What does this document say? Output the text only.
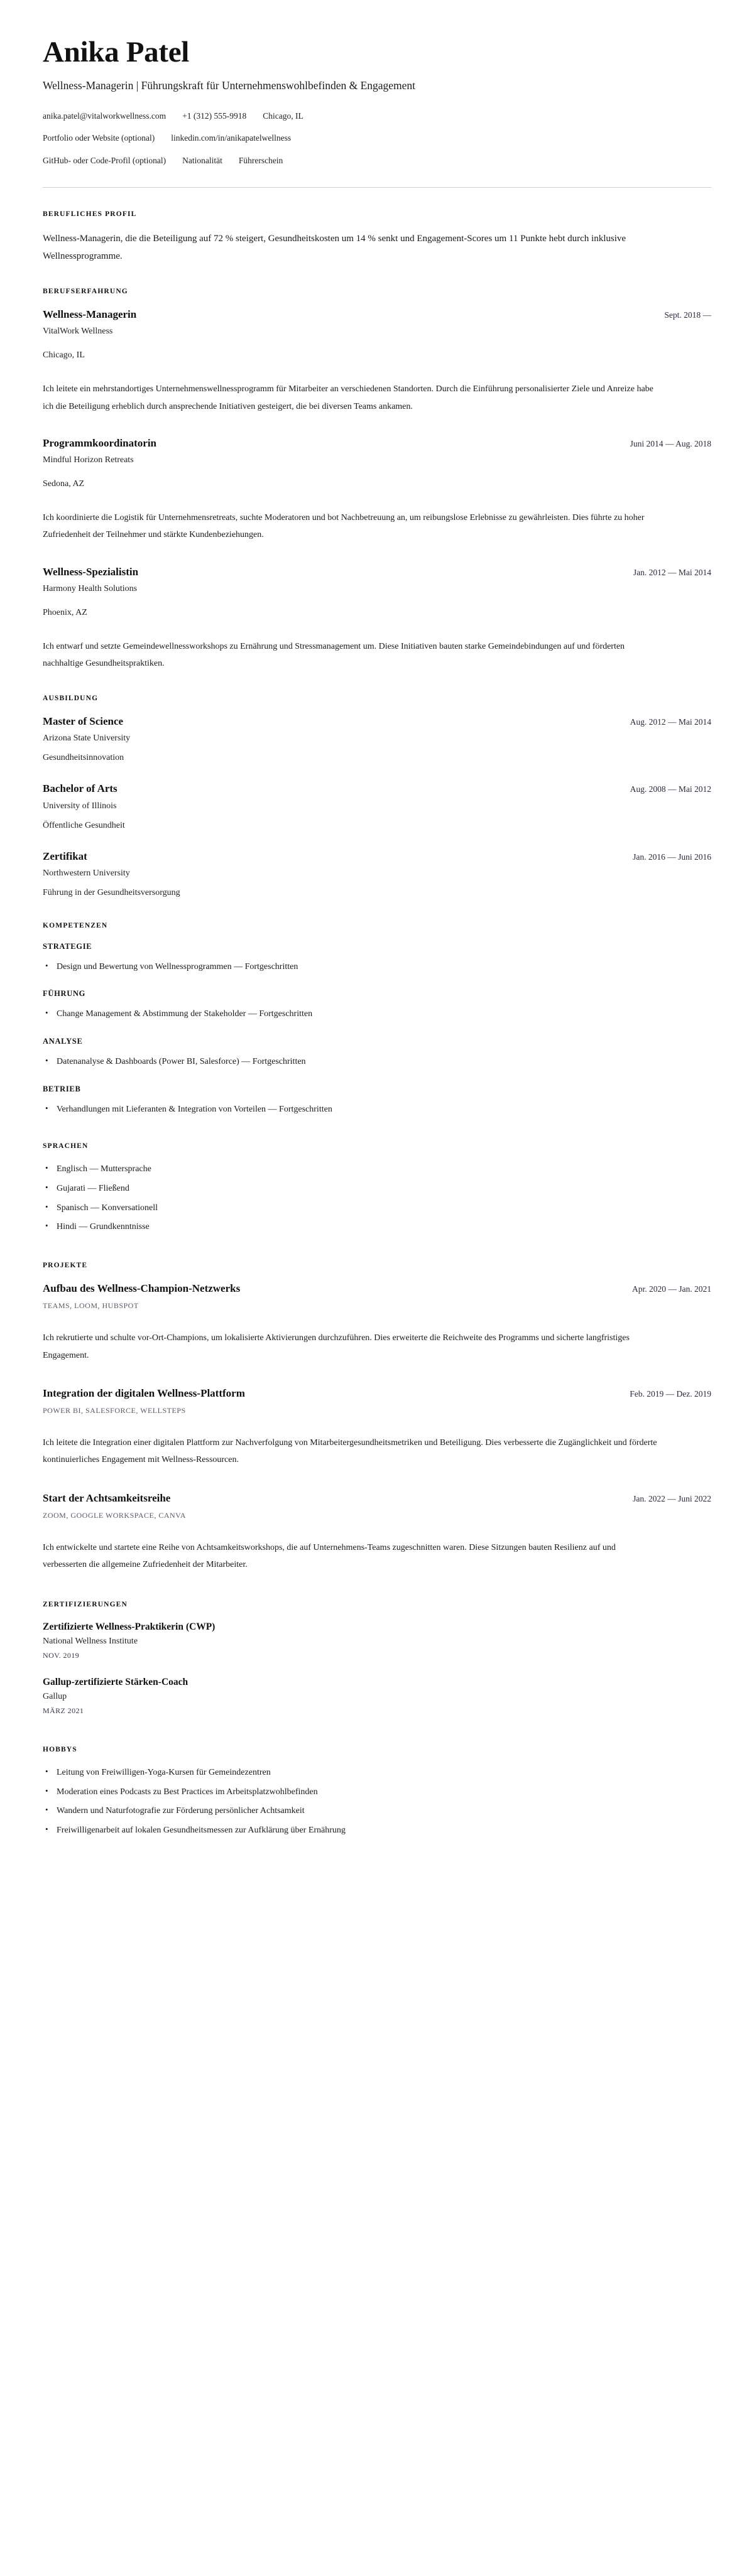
Anika Patel
Wellness-Managerin | Führungskraft für Unternehmenswohlbefinden & Engagement
anika.patel@vitalworkwellness.com +1 (312) 555-9918 Chicago, IL
Portfolio oder Website (optional) linkedin.com/in/anikapatelwellness
GitHub- oder Code-Profil (optional) Nationalität Führerschein
BERUFLICHES PROFIL
Wellness-Managerin, die die Beteiligung auf 72 % steigert, Gesundheitskosten um 14 % senkt und Engagement-Scores um 11 Punkte hebt durch inklusive Wellnessprogramme.
BERUFSERFAHRUNG
Wellness-Managerin	Sept. 2018 —
VitalWork Wellness
Chicago, IL
Ich leitete ein mehrstandortiges Unternehmenswellnessprogramm für Mitarbeiter an verschiedenen Standorten. Durch die Einführung personalisierter Ziele und Anreize habe ich die Beteiligung erheblich durch ansprechende Initiativen gesteigert, die bei diversen Teams ankamen.
Programmkoordinatorin	Juni 2014 — Aug. 2018
Mindful Horizon Retreats
Sedona, AZ
Ich koordinierte die Logistik für Unternehmensretreats, suchte Moderatoren und bot Nachbetreuung an, um reibungslose Erlebnisse zu gewährleisten. Dies führte zu hoher Zufriedenheit der Teilnehmer und stärkte Kundenbeziehungen.
Wellness-Spezialistin	Jan. 2012 — Mai 2014
Harmony Health Solutions
Phoenix, AZ
Ich entwarf und setzte Gemeindewellnessworkshops zu Ernährung und Stressmanagement um. Diese Initiativen bauten starke Gemeindebindungen auf und förderten nachhaltige Gesundheitspraktiken.
AUSBILDUNG
Master of Science	Aug. 2012 — Mai 2014
Arizona State University
Gesundheitsinnovation
Bachelor of Arts	Aug. 2008 — Mai 2012
University of Illinois
Öffentliche Gesundheit
Zertifikat	Jan. 2016 — Juni 2016
Northwestern University
Führung in der Gesundheitsversorgung
KOMPETENZEN
STRATEGIE
• Design und Bewertung von Wellnessprogrammen — Fortgeschritten
FÜHRUNG
• Change Management & Abstimmung der Stakeholder — Fortgeschritten
ANALYSE
• Datenanalyse & Dashboards (Power BI, Salesforce) — Fortgeschritten
BETRIEB
• Verhandlungen mit Lieferanten & Integration von Vorteilen — Fortgeschritten
SPRACHEN
• Englisch — Muttersprache
• Gujarati — Fließend
• Spanisch — Konversationell
• Hindi — Grundkenntnisse
PROJEKTE
Aufbau des Wellness-Champion-Netzwerks	Apr. 2020 — Jan. 2021
TEAMS, LOOM, HUBSPOT
Ich rekrutierte und schulte vor-Ort-Champions, um lokalisierte Aktivierungen durchzuführen. Dies erweiterte die Reichweite des Programms und sicherte langfristiges Engagement.
Integration der digitalen Wellness-Plattform	Feb. 2019 — Dez. 2019
POWER BI, SALESFORCE, WELLSTEPS
Ich leitete die Integration einer digitalen Plattform zur Nachverfolgung von Mitarbeitergesundheitsmetriken und Beteiligung. Dies verbesserte die Zugänglichkeit und förderte kontinuierliches Engagement mit Wellness-Ressourcen.
Start der Achtsamkeitsreihe	Jan. 2022 — Juni 2022
ZOOM, GOOGLE WORKSPACE, CANVA
Ich entwickelte und startete eine Reihe von Achtsamkeitsworkshops, die auf Unternehmens-Teams zugeschnitten waren. Diese Sitzungen bauten Resilienz auf und verbesserten die allgemeine Zufriedenheit der Mitarbeiter.
ZERTIFIZIERUNGEN
Zertifizierte Wellness-Praktikerin (CWP)
National Wellness Institute
NOV. 2019
Gallup-zertifizierte Stärken-Coach
Gallup
MÄRZ 2021
HOBBYS
• Leitung von Freiwilligen-Yoga-Kursen für Gemeindezentren
• Moderation eines Podcasts zu Best Practices im Arbeitsplatzwohlbefinden
• Wandern und Naturfotografie zur Förderung persönlicher Achtsamkeit
• Freiwilligenarbeit auf lokalen Gesundheitsmessen zur Aufklärung über Ernährung
